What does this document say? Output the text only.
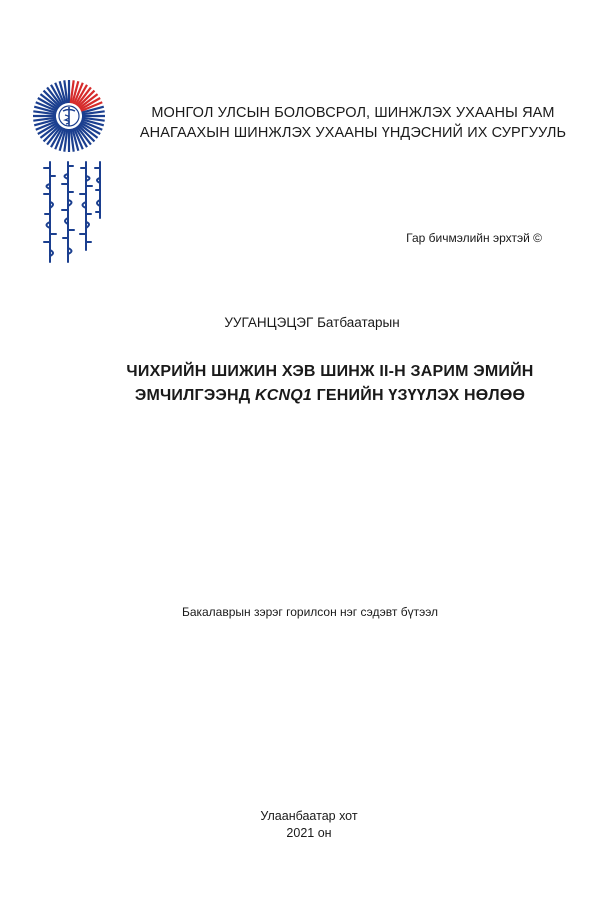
МОНГОЛ УЛСЫН БОЛОВСРОЛ, ШИНЖЛЭХ УХААНЫ ЯАМ
АНАГААХЫН ШИНЖЛЭХ УХААНЫ ҮНДЭСНИЙ ИХ СУРГУУЛЬ
Гар бичмэлийн эрхтэй ©
УУГАНЦЭЦЭГ Батбаатарын
ЧИХРИЙН ШИЖИН ХЭВ ШИНЖ II-Н ЗАРИМ ЭМИЙН
ЭМЧИЛГЭЭНД KCNQ1 ГЕНИЙН ҮЗҮҮЛЭХ НӨЛӨӨ
Бакалаврын зэрэг горилсон нэг сэдэвт бүтээл
Улаанбаатар хот
2021 он
